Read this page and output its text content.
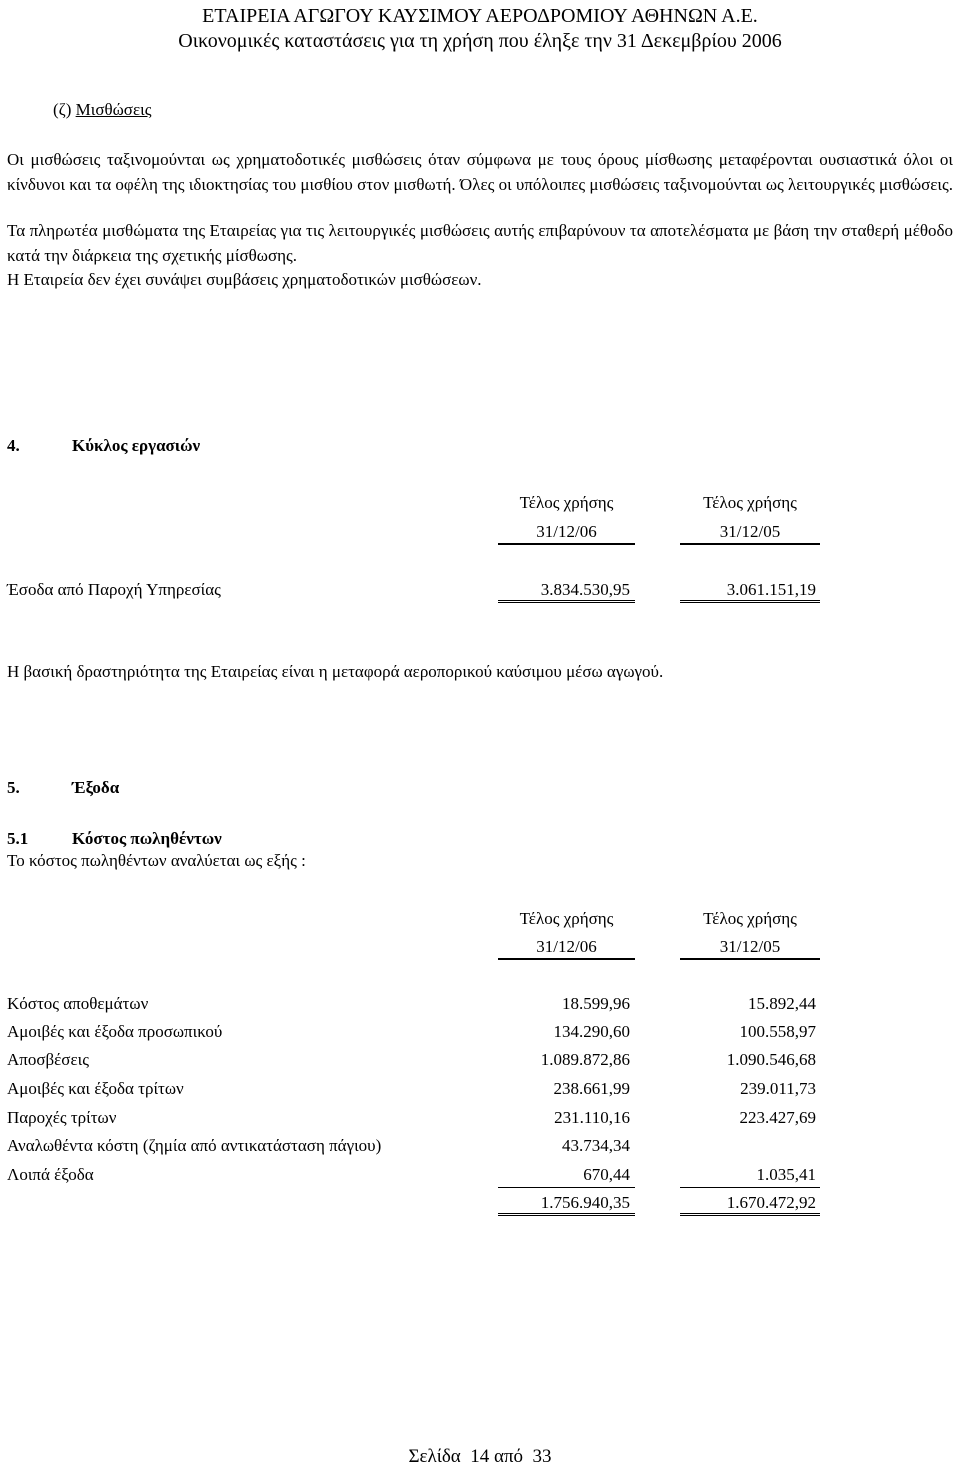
ΕΤΑΙΡΕΙΑ ΑΓΩΓΟΥ ΚΑΥΣΙΜΟΥ ΑΕΡΟΔΡΟΜΙΟΥ ΑΘΗΝΩΝ Α.Ε.
Οικονομικές καταστάσεις για τη χρήση που έληξε την 31 Δεκεμβρίου 2006
(ζ) Μισθώσεις
Οι μισθώσεις ταξινομούνται ως χρηματοδοτικές μισθώσεις όταν σύμφωνα με τους όρους μίσθωσης μεταφέρονται ουσιαστικά όλοι οι κίνδυνοι και τα οφέλη της ιδιοκτησίας του μισθίου στον μισθωτή. Όλες οι υπόλοιπες μισθώσεις ταξινομούνται ως λειτουργικές μισθώσεις.
Τα πληρωτέα μισθώματα της Εταιρείας για τις λειτουργικές μισθώσεις αυτής επιβαρύνουν τα αποτελέσματα με βάση την σταθερή μέθοδο κατά την διάρκεια της σχετικής μίσθωσης.
Η Εταιρεία δεν έχει συνάψει συμβάσεις χρηματοδοτικών μισθώσεων.
4.	Κύκλος εργασιών
Τέλος χρήσης	Τέλος χρήσης
31/12/06	31/12/05
Έσοδα από Παροχή Υπηρεσίας	3.834.530,95	3.061.151,19
Η βασική δραστηριότητα της Εταιρείας είναι η μεταφορά αεροπορικού καύσιμου μέσω αγωγού.
5.	Έξοδα
5.1	Κόστος πωληθέντων
Το κόστος πωληθέντων αναλύεται ως εξής :
Τέλος χρήσης	Τέλος χρήσης
31/12/06	31/12/05
Κόστος αποθεμάτων	18.599,96	15.892,44
Αμοιβές και έξοδα προσωπικού	134.290,60	100.558,97
Αποσβέσεις	1.089.872,86	1.090.546,68
Αμοιβές και έξοδα τρίτων	238.661,99	239.011,73
Παροχές τρίτων	231.110,16	223.427,69
Αναλωθέντα κόστη (ζημία από αντικατάσταση πάγιου)	43.734,34
Λοιπά έξοδα	670,44	1.035,41
1.756.940,35	1.670.472,92
Σελίδα 14 από 33
